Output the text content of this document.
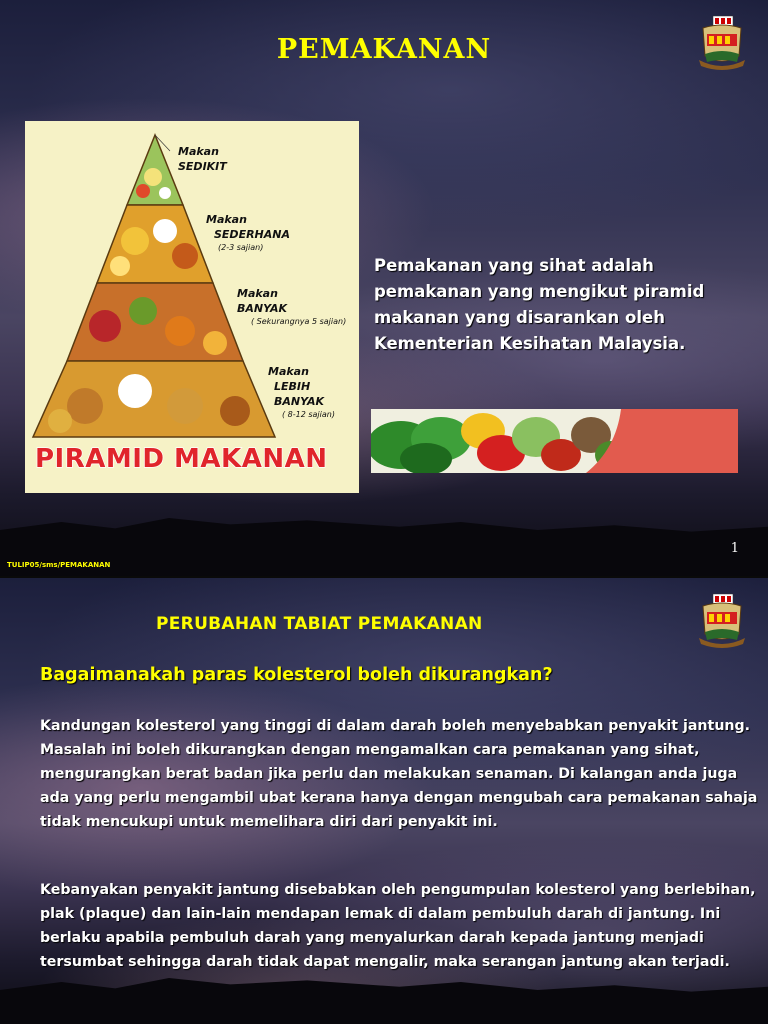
PEMAKANAN
Makan
SEDIKIT
Makan
SEDERHANA
(2-3 sajian)
Makan
BANYAK
( Sekurangnya 5 sajian)
Makan
LEBIH BANYAK
( 8-12 sajian)
PIRAMID MAKANAN
Pemakanan yang sihat adalah pemakanan yang mengikut piramid makanan yang disarankan oleh Kementerian Kesihatan Malaysia.
1
TULIP05/sms/PEMAKANAN
PERUBAHAN TABIAT PEMAKANAN
Bagaimanakah paras kolesterol boleh dikurangkan?
Kandungan kolesterol yang tinggi di dalam darah boleh menyebabkan penyakit jantung. Masalah ini boleh dikurangkan dengan mengamalkan cara pemakanan yang sihat, mengurangkan berat badan jika perlu dan melakukan senaman. Di kalangan anda juga ada yang perlu mengambil ubat kerana hanya dengan mengubah cara pemakanan sahaja tidak mencukupi untuk memelihara diri dari penyakit ini.
Kebanyakan penyakit jantung disebabkan oleh pengumpulan kolesterol yang berlebihan, plak (plaque) dan lain-lain mendapan lemak di dalam pembuluh darah di jantung. Ini berlaku apabila pembuluh darah yang menyalurkan darah kepada jantung menjadi tersumbat sehingga darah tidak dapat mengalir, maka serangan jantung akan terjadi.
